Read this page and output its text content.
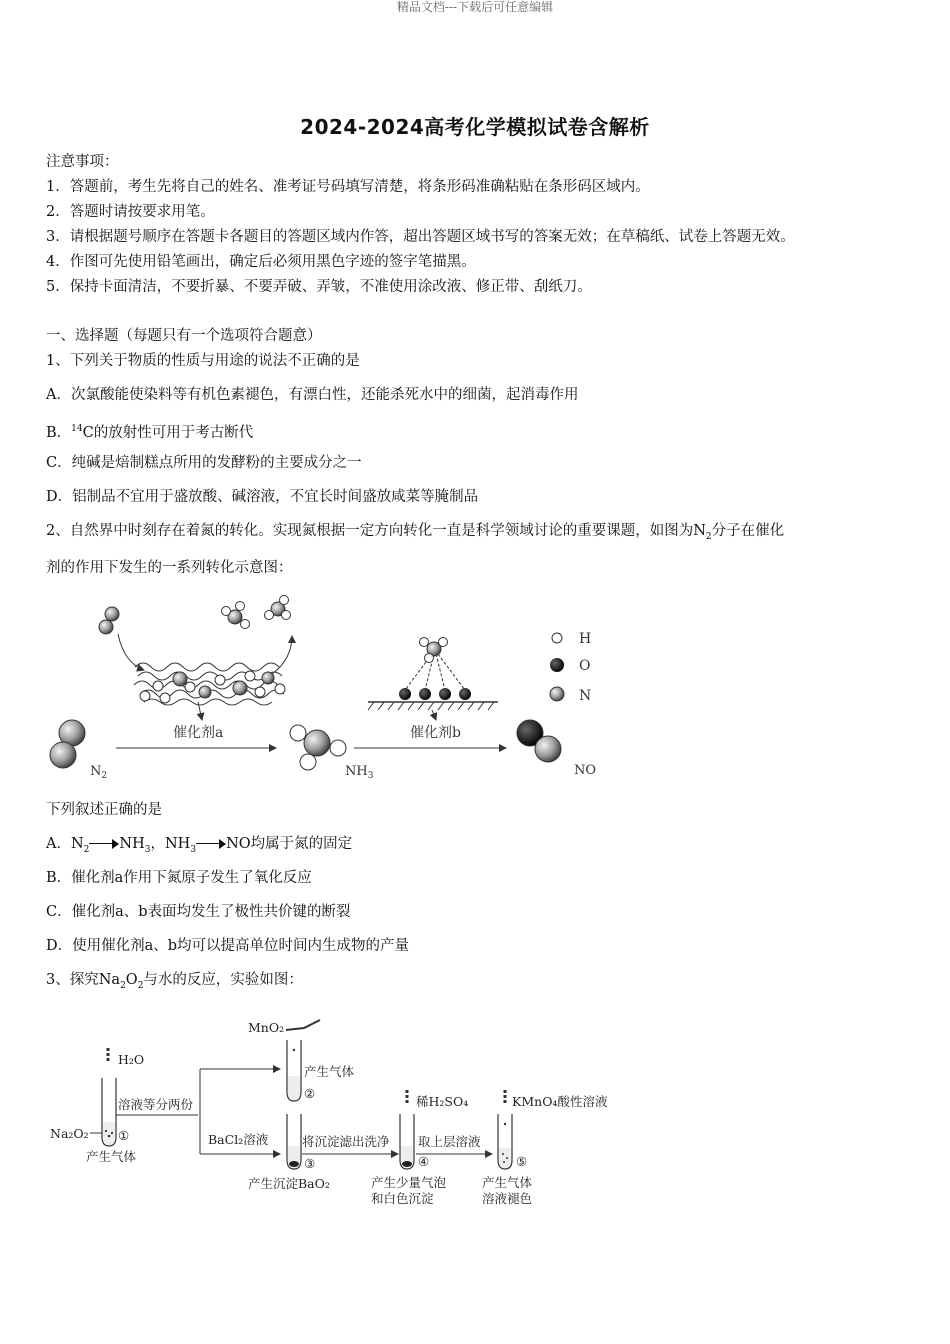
精品文档---下载后可任意编辑
2024-2024高考化学模拟试卷含解析
注意事项：
1．答题前，考生先将自己的姓名、准考证号码填写清楚，将条形码准确粘贴在条形码区域内。
2．答题时请按要求用笔。
3．请根据题号顺序在答题卡各题目的答题区域内作答，超出答题区域书写的答案无效；在草稿纸、试卷上答题无效。
4．作图可先使用铅笔画出，确定后必须用黑色字迹的签字笔描黑。
5．保持卡面清洁，不要折暴、不要弄破、弄皱，不准使用涂改液、修正带、刮纸刀。
一、选择题（每题只有一个选项符合题意）
1、下列关于物质的性质与用途的说法不正确的是
A．次氯酸能使染料等有机色素褪色，有漂白性，还能杀死水中的细菌，起消毒作用
B．$^{14}$C的放射性可用于考古断代
C．纯碱是焙制糕点所用的发酵粉的主要成分之一
D．铝制品不宜用于盛放酸、碱溶液，不宜长时间盛放咸菜等腌制品
2、自然界中时刻存在着氮的转化。实现氮根据一定方向转化一直是科学领域讨论的重要课题，如图为$N_2$分子在催化
剂的作用下发生的一系列转化示意图：
$N_2$
催化剂a
$NH_3$
催化剂b
NO
H
O
N
下列叙述正确的是
A．$N_2$ $NH_3$，$NH_3$ NO均属于氮的固定
B．催化剂a作用下氮原子发生了氧化反应
C．催化剂a、b表面均发生了极性共价键的断裂
D．使用催化剂a、b均可以提高单位时间内生成物的产量
3、探究$Na_2O_2$与水的反应，实验如图：
H₂O
Na₂O₂ ①
产生气体
溶液等分两份
MnO₂
产生气体
②
BaCl₂溶液
③
产生沉淀BaO₂
将沉淀滤出洗净
稀H₂SO₄
④
产生少量气泡
和白色沉淀
取上层溶液
KMnO₄酸性溶液
⑤
产生气体
溶液褪色
